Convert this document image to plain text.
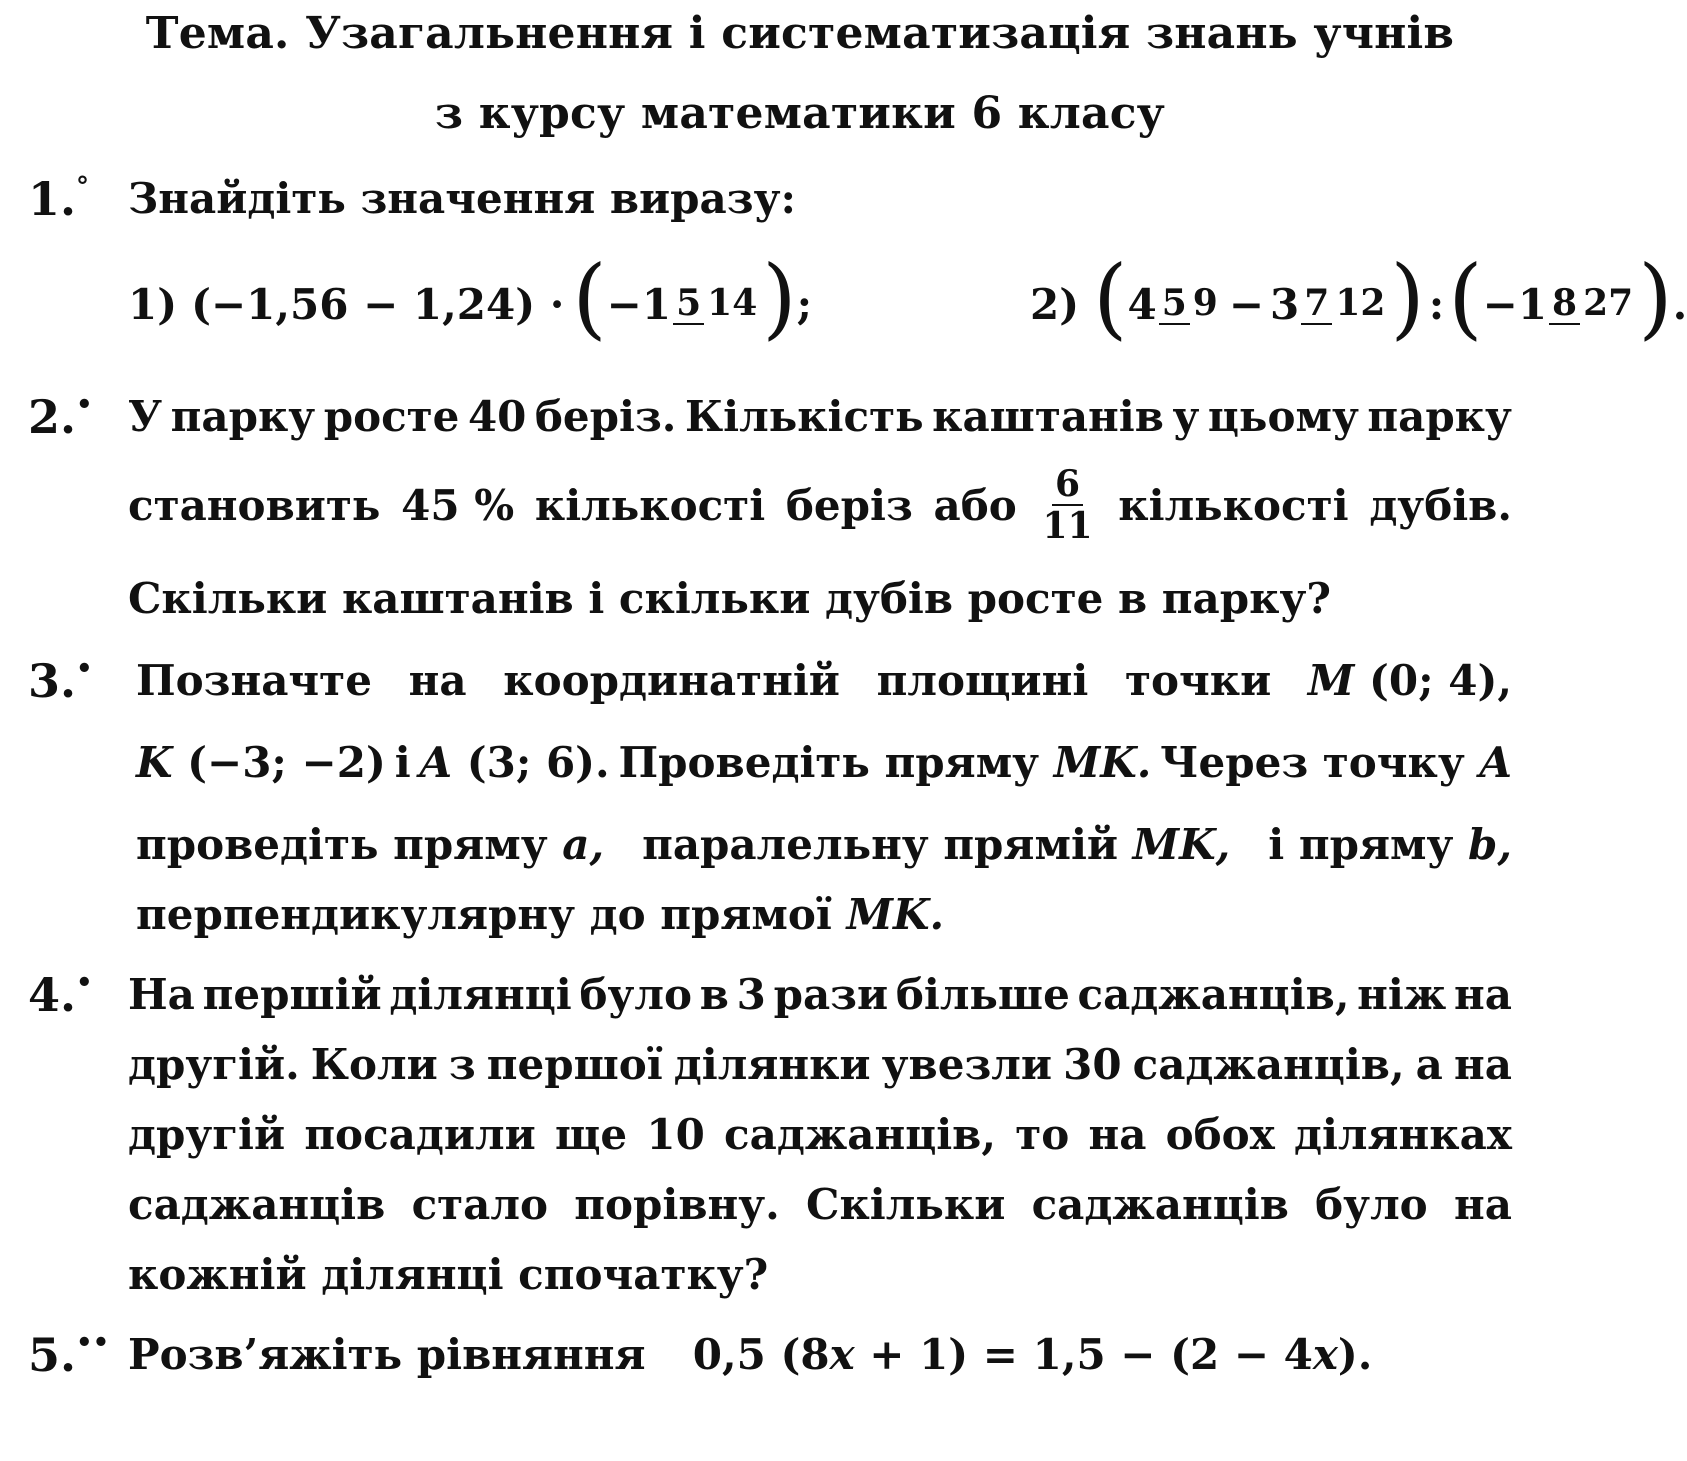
Тема. Узагальнення і систематизація знань учнів
з курсу математики 6 класу
1.° Знайдіть значення виразу:
1) (−1,56 − 1,24) · ( −1 5 14 ) ;	2) ( 4 5 9 − 3 7 12 ) : ( −1 8 27 ) .
2.• У парку росте 40 беріз. Кількість каштанів у цьому парку
становить 45 % кількості беріз або $\frac{6}{11}$ кількості дубів.
Скільки каштанів і скільки дубів росте в парку?
3.• Позначте на координатній площині точки M (0; 4),
K (−3; −2) і A (3; 6). Проведіть пряму MK. Через точку A
проведіть пряму a, паралельну прямій MK, і пряму b,
перпендикулярну до прямої MK.
4.• На першій ділянці було в 3 рази більше саджанців, ніж на
другій. Коли з першої ділянки увезли 30 саджанців, а на
другій посадили ще 10 саджанців, то на обох ділянках
саджанців стало порівну. Скільки саджанців було на
кожній ділянці спочатку?
5.•• Розв’яжіть рівняння 0,5 (8x + 1) = 1,5 − (2 − 4x).
